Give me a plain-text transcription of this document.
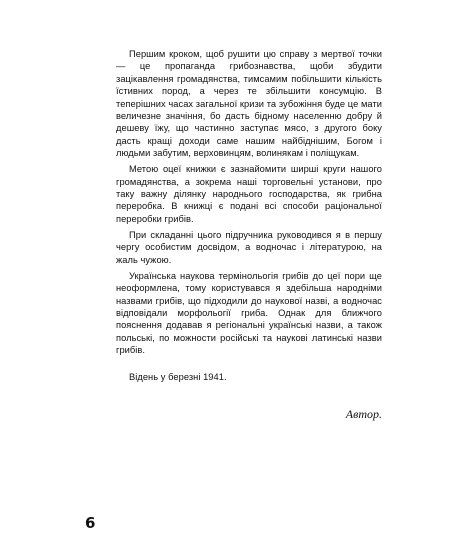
Першим кроком, щоб рушити цю справу з мертвої точки — це пропаганда грибознавства, щоби збудити зацікавлення громадянства, тимсамим побільшити кількість їстивних пород, а через те збільшити консумцію. В теперішних часах загальної кризи та зубожіння буде це мати величезне значіння, бо дасть бідному населенню добру й дешеву їжу, що частинно заступає мясо, з другого боку дасть кращі доходи саме нашим найбіднішим, Богом і людьми забутим, верховинцям, волинякам і поліщукам.

Метою оцеї книжки є зазнайомити ширші круги нашого громадянства, а зокрема наші торговельні установи, про таку важну ділянку народнього господарства, як грибна переробка. В книжці є подані всі способи раціональної переробки грибів.

При складанні цього підручника руководився я в першу чергу особистим досвідом, а водночас і літературою, на жаль чужою.

Українська наукова термінольогія грибів до цеї пори ще неоформлена, тому користувався я здебільша народніми назвами грибів, що підходили до наукової назві, а водночас відповідали морфольогії гриба. Однак для ближчого пояснення додавав я регіональні українські назви, а також польські, по можности російські та наукові латинські назви грибів.

Відень у березні 1941.

Автор.
6
